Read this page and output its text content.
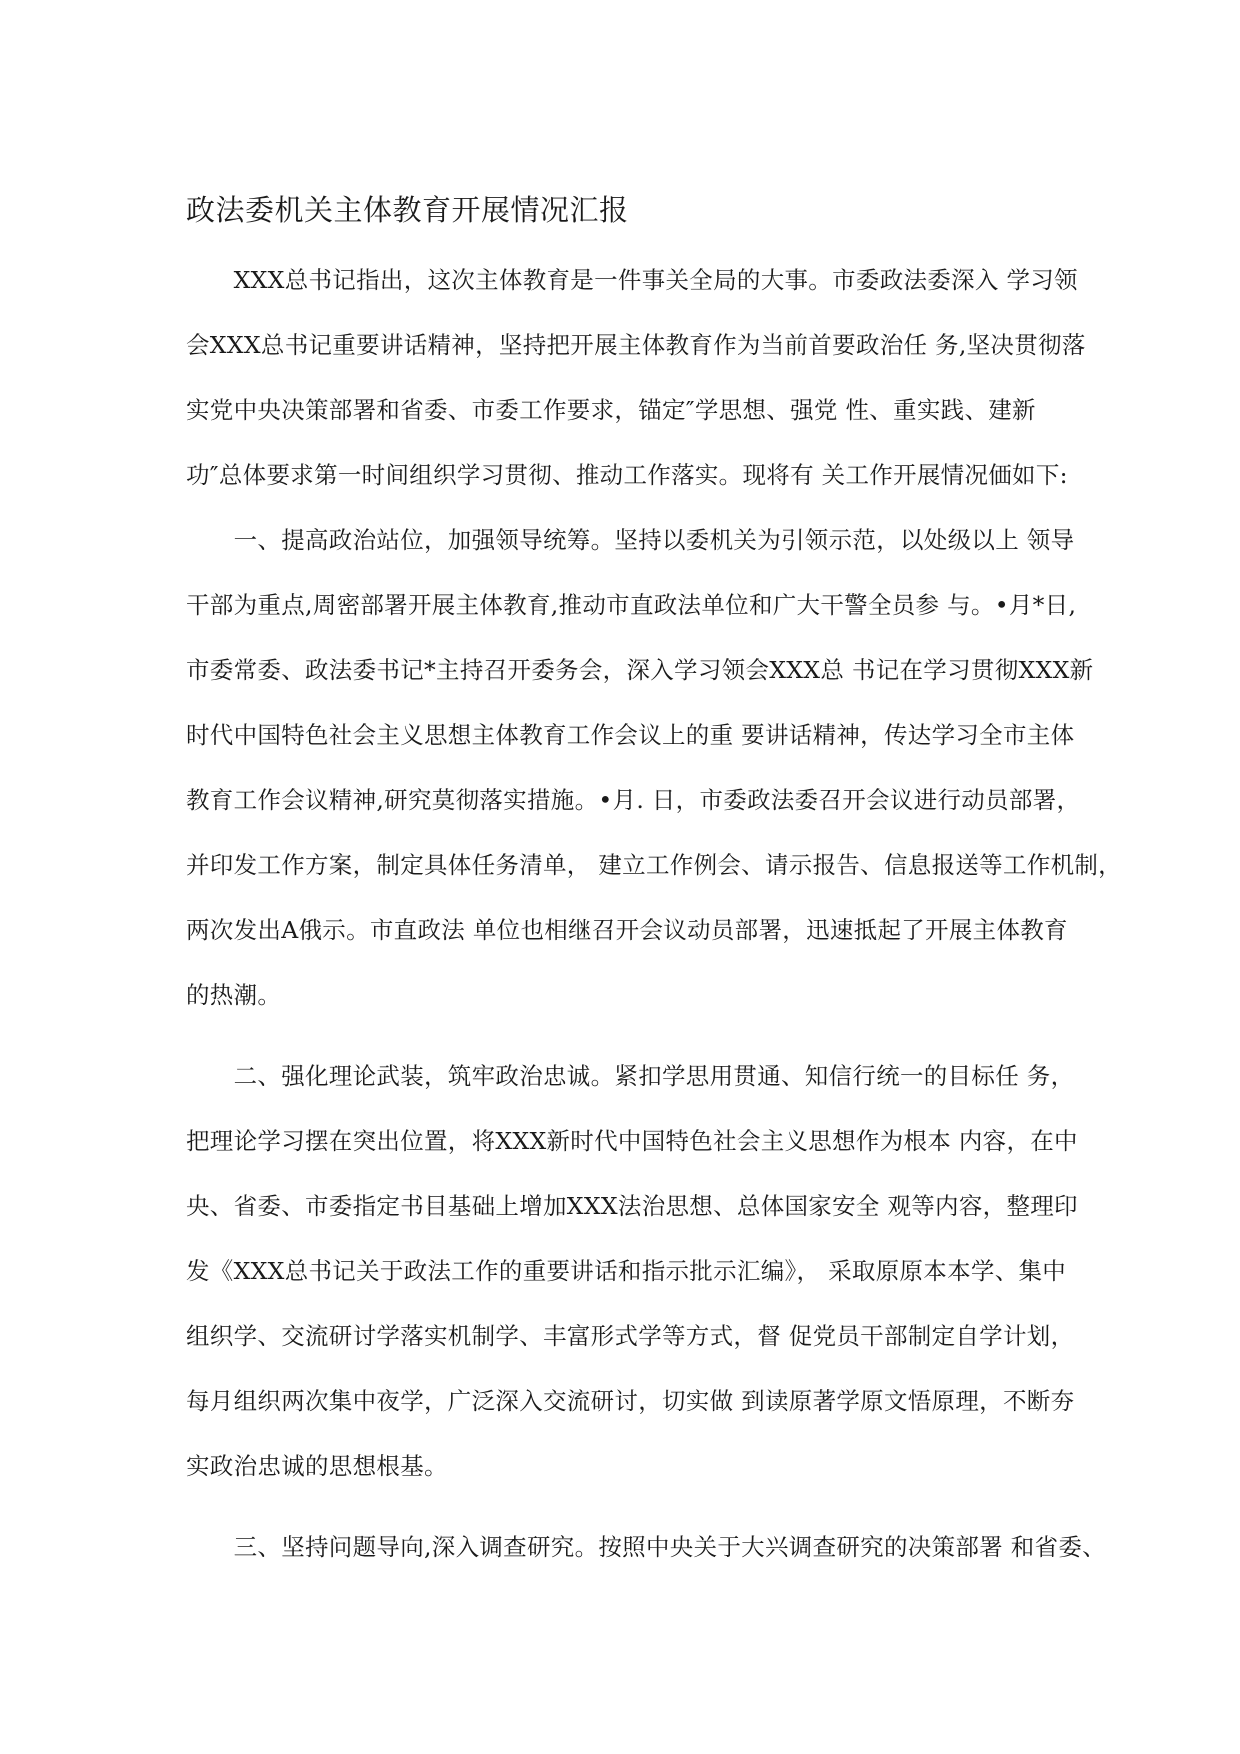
政法委机关主体教育开展情况汇报
　　XXX总书记指出，这次主体教育是一件事关全局的大事。市委政法委深入 学习领
会XXX总书记重要讲话精神，坚持把开展主体教育作为当前首要政治任 务,坚决贯彻落
实党中央决策部署和省委、市委工作要求，锚定″学思想、强党 性、重实践、建新
功″总体要求第一时间组织学习贯彻、推动工作落实。现将有 关工作开展情况価如下:
　　一、提高政治站位，加强领导统筹。坚持以委机关为引领示范，以处级以上 领导
干部为重点,周密部署开展主体教育,推动市直政法单位和广大干警全员参 与。•月*日,
市委常委、政法委书记*主持召开委务会，深入学习领会XXX总 书记在学习贯彻XXX新
时代中国特色社会主义思想主体教育工作会议上的重 要讲话精神，传达学习全市主体
教育工作会议精神,研究莫彻落实措施。•月. 日，市委政法委召开会议进行动员部署，
并印发工作方案，制定具体任务清单， 建立工作例会、请示报告、信息报送等工作机制，
两次发出A俄示。市直政法 单位也相继召开会议动员部署，迅速抵起了开展主体教育
的热潮。
　　二、强化理论武装，筑牢政治忠诚。紧扣学思用贯通、知信行统一的目标任 务，
把理论学习摆在突出位置，将XXX新时代中国特色社会主义思想作为根本 内容，在中
央、省委、市委指定书目基础上增加XXX法治思想、总体国家安全 观等内容，整理印
发《XXX总书记关于政法工作的重要讲话和指示批示汇编》， 采取原原本本学、集中
组织学、交流研讨学落实机制学、丰富形式学等方式，督 促党员干部制定自学计划，
每月组织两次集中夜学，广泛深入交流研讨，切实做 到读原著学原文悟原理，不断夯
实政治忠诚的思想根基。
　　三、坚持问题导向,深入调查研究。按照中央关于大兴调查研究的决策部署 和省委、
